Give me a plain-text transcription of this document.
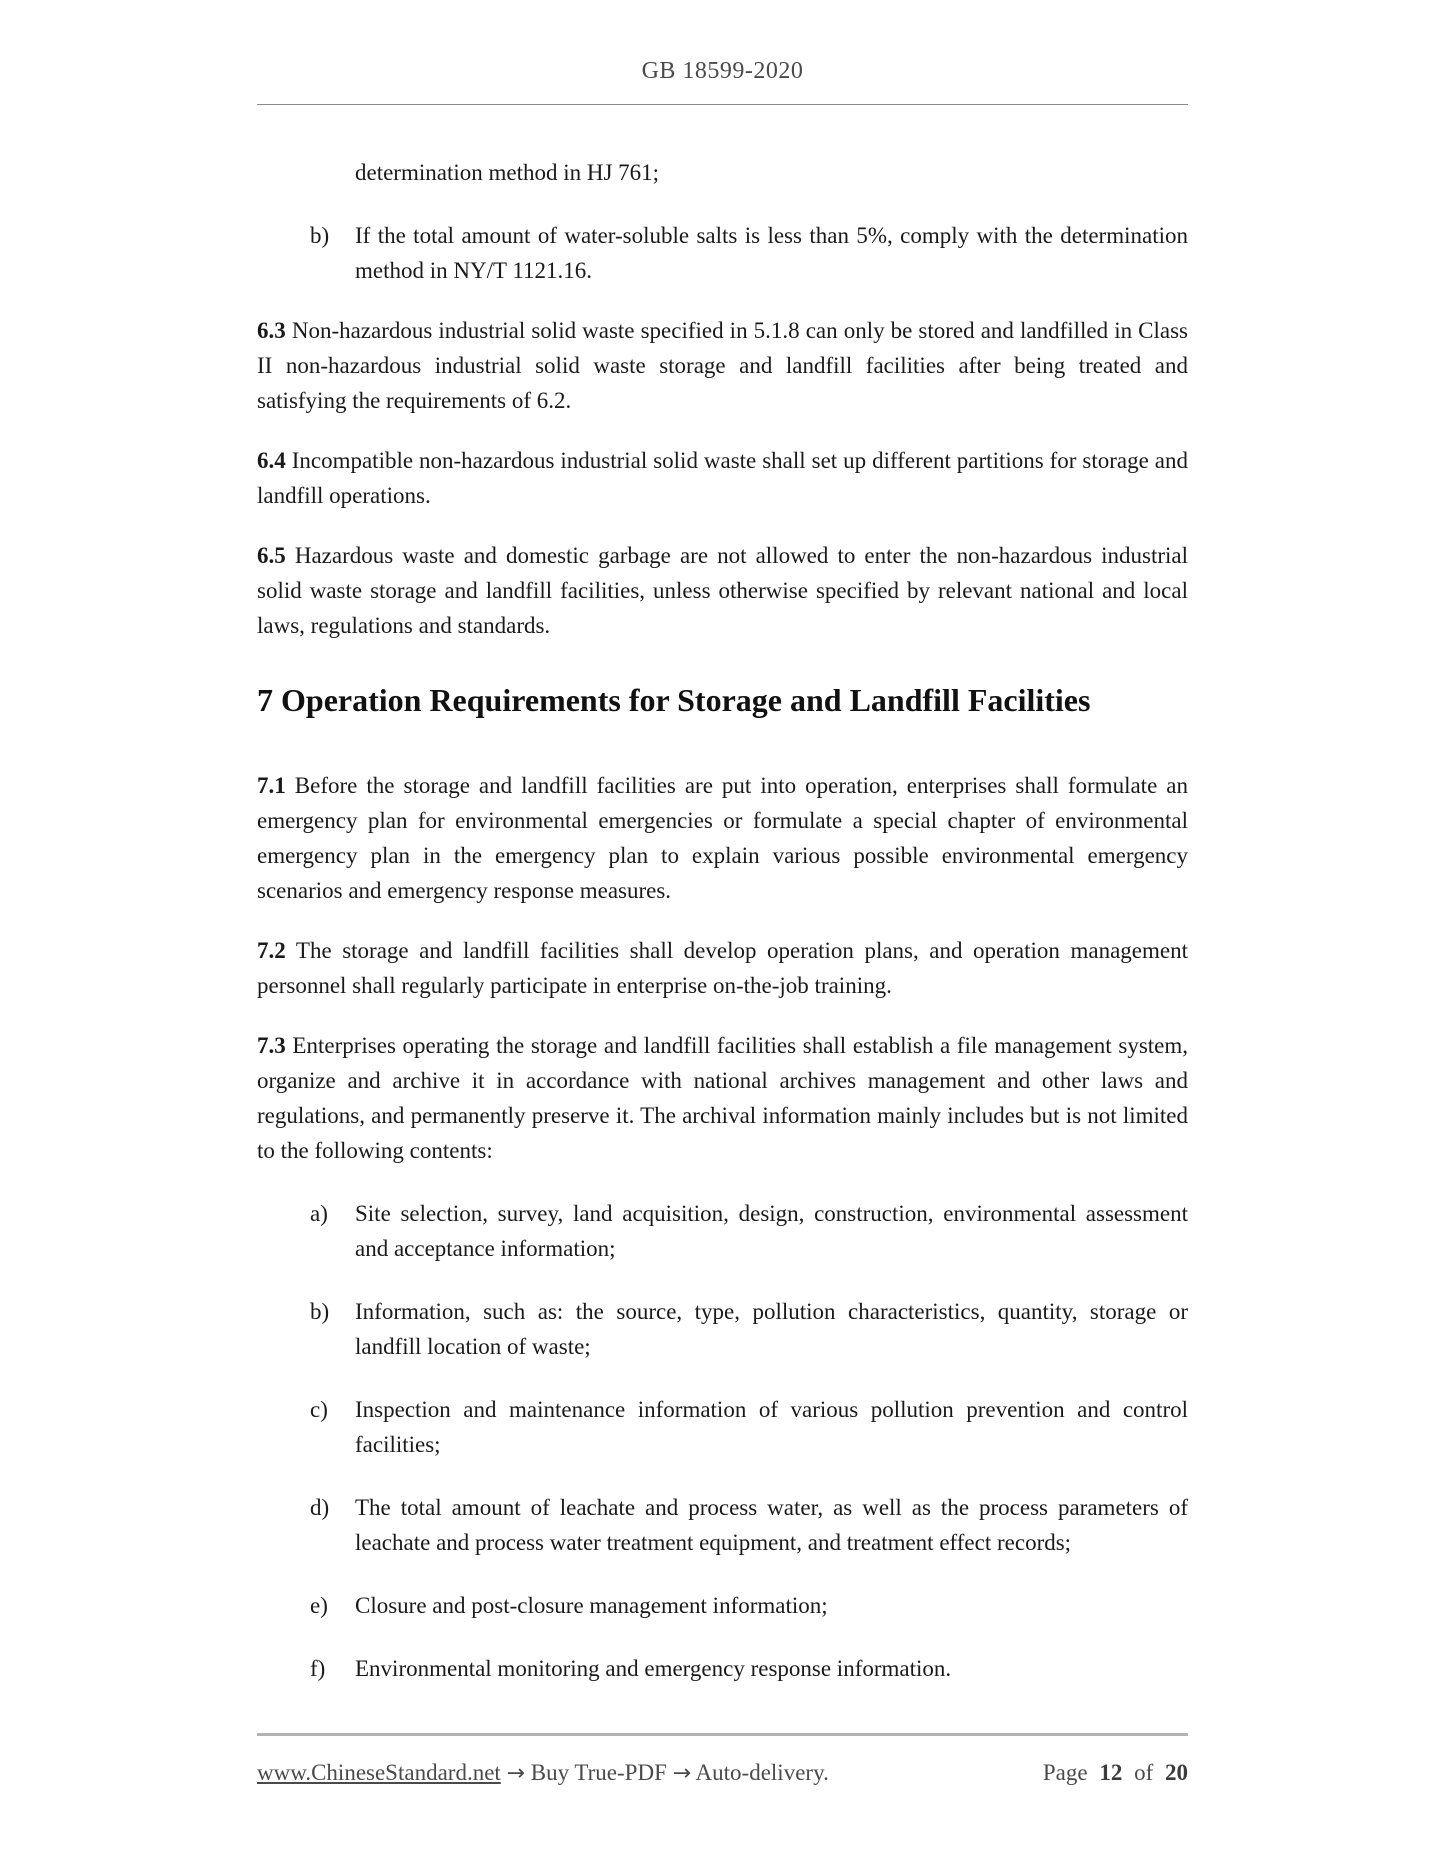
GB 18599-2020
determination method in HJ 761;
b)	If the total amount of water-soluble salts is less than 5%, comply with the determination method in NY/T 1121.16.

6.3 Non-hazardous industrial solid waste specified in 5.1.8 can only be stored and landfilled in Class II non-hazardous industrial solid waste storage and landfill facilities after being treated and satisfying the requirements of 6.2.

6.4 Incompatible non-hazardous industrial solid waste shall set up different partitions for storage and landfill operations.

6.5 Hazardous waste and domestic garbage are not allowed to enter the non-hazardous industrial solid waste storage and landfill facilities, unless otherwise specified by relevant national and local laws, regulations and standards.

7 Operation Requirements for Storage and Landfill Facilities

7.1 Before the storage and landfill facilities are put into operation, enterprises shall formulate an emergency plan for environmental emergencies or formulate a special chapter of environmental emergency plan in the emergency plan to explain various possible environmental emergency scenarios and emergency response measures.

7.2 The storage and landfill facilities shall develop operation plans, and operation management personnel shall regularly participate in enterprise on-the-job training.

7.3 Enterprises operating the storage and landfill facilities shall establish a file management system, organize and archive it in accordance with national archives management and other laws and regulations, and permanently preserve it. The archival information mainly includes but is not limited to the following contents:

a)	Site selection, survey, land acquisition, design, construction, environmental assessment and acceptance information;
b)	Information, such as: the source, type, pollution characteristics, quantity, storage or landfill location of waste;
c)	Inspection and maintenance information of various pollution prevention and control facilities;
d)	The total amount of leachate and process water, as well as the process parameters of leachate and process water treatment equipment, and treatment effect records;
e)	Closure and post-closure management information;
f)	Environmental monitoring and emergency response information.
www.ChineseStandard.net → Buy True-PDF → Auto-delivery.	Page 12 of 20
